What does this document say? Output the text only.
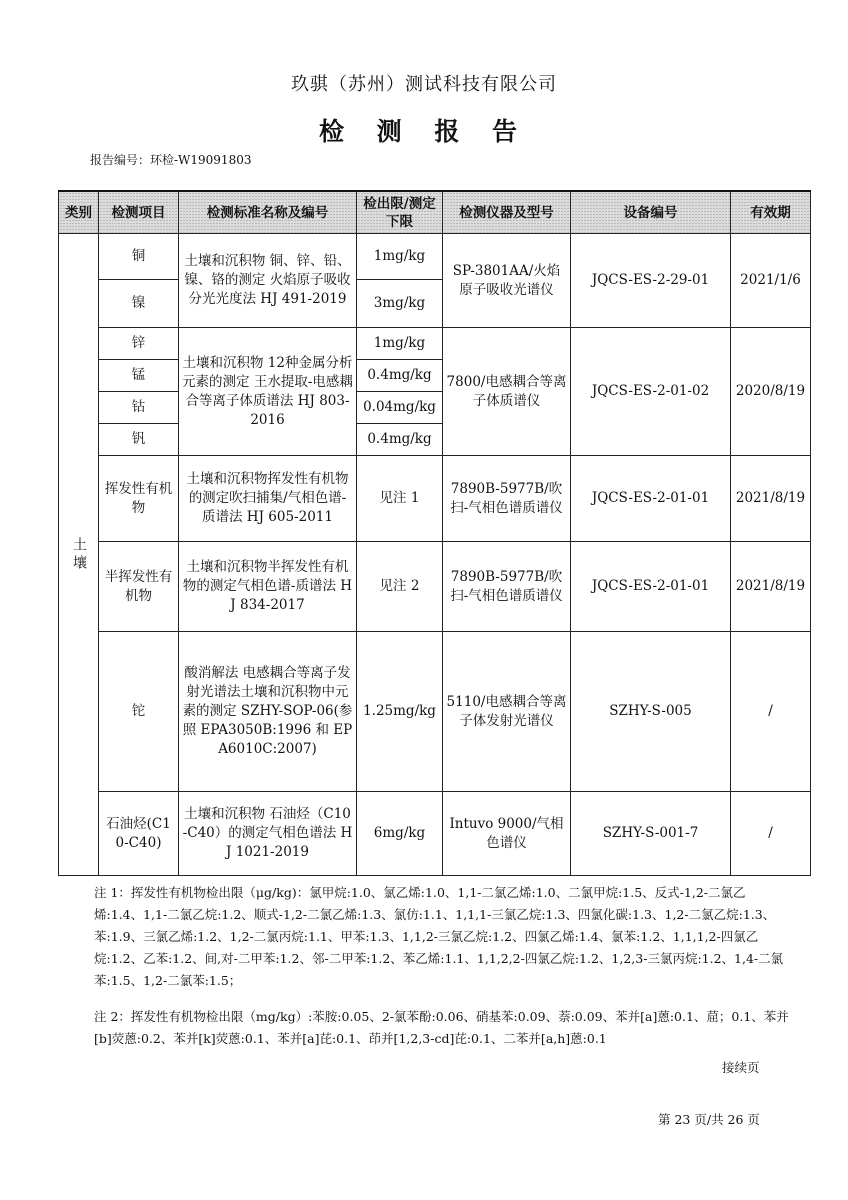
玖骐（苏州）测试科技有限公司
检 测 报 告
报告编号：环检-W19091803
类别	检测项目	检测标准名称及编号	检出限/测定下限	检测仪器及型号	设备编号	有效期
土壤	铜	土壤和沉积物 铜、锌、铅、镍、铬的测定 火焰原子吸收分光光度法 HJ 491-2019	1mg/kg	SP-3801AA/火焰原子吸收光谱仪	JQCS-ES-2-29-01	2021/1/6
	镍		3mg/kg			
	锌	土壤和沉积物 12种金属分析元素的测定 王水提取-电感耦合等离子体质谱法 HJ 803-2016	1mg/kg	7800/电感耦合等离子体质谱仪	JQCS-ES-2-01-02	2020/8/19
	锰		0.4mg/kg			
	钴		0.04mg/kg			
	钒		0.4mg/kg			
	挥发性有机物	土壤和沉积物挥发性有机物的测定吹扫捕集/气相色谱-质谱法 HJ 605-2011	见注 1	7890B-5977B/吹扫-气相色谱质谱仪	JQCS-ES-2-01-01	2021/8/19
	半挥发性有机物	土壤和沉积物半挥发性有机物的测定气相色谱-质谱法 HJ 834-2017	见注 2	7890B-5977B/吹扫-气相色谱质谱仪	JQCS-ES-2-01-01	2021/8/19
	铊	酸消解法 电感耦合等离子发射光谱法土壤和沉积物中元素的测定 SZHY-SOP-06(参照 EPA3050B:1996 和 EPA6010C:2007)	1.25mg/kg	5110/电感耦合等离子体发射光谱仪	SZHY-S-005	/
	石油烃(C10-C40)	土壤和沉积物 石油烃（C10-C40）的测定气相色谱法 HJ 1021-2019	6mg/kg	Intuvo 9000/气相色谱仪	SZHY-S-001-7	/
注 1：挥发性有机物检出限（μg/kg)：氯甲烷:1.0、氯乙烯:1.0、1,1-二氯乙烯:1.0、二氯甲烷:1.5、反式-1,2-二氯乙烯:1.4、1,1-二氯乙烷:1.2、顺式-1,2-二氯乙烯:1.3、氯仿:1.1、1,1,1-三氯乙烷:1.3、四氯化碳:1.3、1,2-二氯乙烷:1.3、苯:1.9、三氯乙烯:1.2、1,2-二氯丙烷:1.1、甲苯:1.3、1,1,2-三氯乙烷:1.2、四氯乙烯:1.4、氯苯:1.2、1,1,1,2-四氯乙烷:1.2、乙苯:1.2、间,对-二甲苯:1.2、邻-二甲苯:1.2、苯乙烯:1.1、1,1,2,2-四氯乙烷:1.2、1,2,3-三氯丙烷:1.2、1,4-二氯苯:1.5、1,2-二氯苯:1.5；
注 2：挥发性有机物检出限（mg/kg）:苯胺:0.05、2-氯苯酚:0.06、硝基苯:0.09、萘:0.09、苯并[a]蒽:0.1、䓛；0.1、苯并[b]荧蒽:0.2、苯并[k]荧蒽:0.1、苯并[a]芘:0.1、茚并[1,2,3-cd]芘:0.1、二苯并[a,h]蒽:0.1
接续页
第 23 页/共 26 页
